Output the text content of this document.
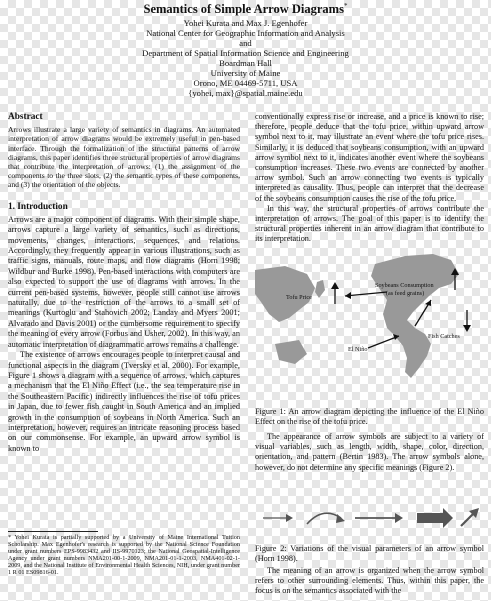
Semantics of Simple Arrow Diagrams*
Yohei Kurata and Max J. Egenhofer
National Center for Geographic Information and Analysis
and
Department of Spatial Information Science and Engineering
Boardman Hall
University of Maine
Orono, ME 04469-5711, USA
{yohei, max}@spatial.maine.edu
Abstract

Arrows illustrate a large variety of semantics in diagrams. An automated interpretation of arrow diagrams would be extremely useful in pen-based interface. Through the formalization of the structural patterns of arrow diagrams, this paper identifies three structural properties of arrow diagrams that contribute the interpretation of arrows: (1) the assignment of the components to the three slots, (2) the semantic types of these components, and (3) the orientation of the objects.

1. Introduction

Arrows are a major component of diagrams. With their simple shape, arrows capture a large variety of semantics, such as directions, movements, changes, interactions, sequences, and relations. Accordingly, they frequently appear in various illustrations, such as traffic signs, manuals, route maps, and flow diagrams (Horn 1998; Wildbur and Burke 1998). Pen-based interactions with computers are also expected to support the use of diagrams with arrows. In the current pen-based systems, however, people still cannot use arrows naturally, due to the restriction of the arrows to a small set of meanings (Kurtoglu and Stahovich 2002; Landay and Myers 2001; Alvarado and Davis 2001) or the cumbersome requirement to specify the meaning of every arrow (Forbus and Usher, 2002). In this way, an automatic interpretation of diagrammatic arrows remains a challenge.

The existence of arrows encourages people to interpret causal and functional aspects in the diagram (Tversky et al. 2000). For example, Figure 1 shows a diagram with a sequence of arrows, which captures a mechanism that the El Niño Effect (i.e., the sea temperature rise in the Southeastern Pacific) indirectly influences the rise of tofu prices in Japan, due to fewer fish caught in South America and an implied growth in the consumption of soybeans in North America. Such an interpretation, however, requires an intricate reasoning process based on our commonsense. For example, an upward arrow symbol is known to

* Yohei Kurata is partially supported by a University of Maine International Tuition Scholarship. Max Egenhofer's research is supported by the National Science Foundation under grant numbers EPS-9983432 and IIS-9970123; the National Geospatial-Intelligence Agency under grant numbers NMA201-00-1-2009, NMA201-01-1-2003, NMA401-02-1-2009, and the National Institute of Environmental Health Sciences, NIH, under grant number 1 R 01 ES09816-01.

conventionally express rise or increase, and a price is known to rise; therefore, people deduce that the tofu price, within upward arrow symbol next to it, may illustrate an event where the tofu price rises. Similarly, it is deduced that soybeans consumption, with an upward arrow symbol next to it, indicates another event where the soybeans consumption increases. These two events are connected by another arrow symbol. Such an arrow connecting two events is typically interpreted as causality. Thus, people can interpret that the decrease of the soybeans consumption causes the rise of the tofu price.

In this way, the structural properties of arrows contribute the interpretation of arrows. The goal of this paper is to identify the structural properties inherent in an arrow diagram that contribute to its interpretation.

Soybeans Consumption
(as feed grains)
Tofu Price
Fish Catches
El Niño
Figure 1: An arrow diagram depicting the influence of the El Niño Effect on the rise of the tofu price.

The appearance of arrow symbols are subject to a variety of visual variables, such as length, width, shape, color, direction, orientation, and pattern (Bertin 1983). The arrow symbols alone, however, do not determine any specific meanings (Figure 2).

Figure 2: Variations of the visual parameters of an arrow symbol (Horn 1998).

The meaning of an arrow is organized when the arrow symbol refers to other surrounding elements. Thus, within this paper, the focus is on the semantics associated with the
